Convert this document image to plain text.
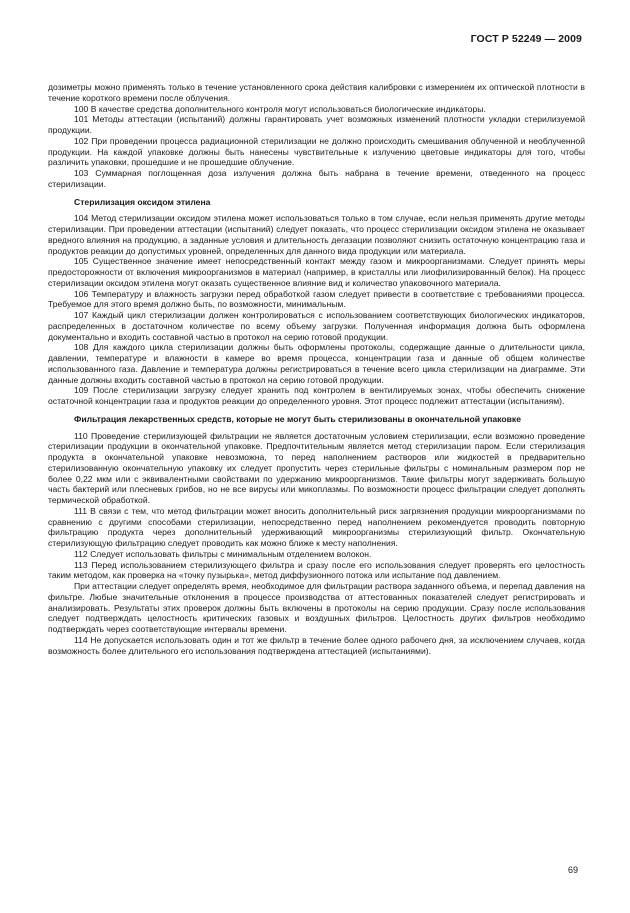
ГОСТ Р 52249 — 2009

дозиметры можно применять только в течение установленного срока действия калибровки с измерением их оптической плотности в течение короткого времени после облучения.

100 В качестве средства дополнительного контроля могут использоваться биологические индикаторы.

101 Методы аттестации (испытаний) должны гарантировать учет возможных изменений плотности укладки стерилизуемой продукции.

102 При проведении процесса радиационной стерилизации не должно происходить смешивания облученной и необлученной продукции. На каждой упаковке должны быть нанесены чувствительные к излучению цветовые индикаторы для того, чтобы различить упаковки, прошедшие и не прошедшие облучение.

103 Суммарная поглощенная доза излучения должна быть набрана в течение времени, отведенного на процесс стерилизации.

Стерилизация оксидом этилена

104 Метод стерилизации оксидом этилена может использоваться только в том случае, если нельзя применять другие методы стерилизации. При проведении аттестации (испытаний) следует показать, что процесс стерилизации оксидом этилена не оказывает вредного влияния на продукцию, а заданные условия и длительность дегазации позволяют снизить остаточную концентрацию газа и продуктов реакции до допустимых уровней, определенных для данного вида продукции или материала.

105 Существенное значение имеет непосредственный контакт между газом и микроорганизмами. Следует принять меры предосторожности от включения микроорганизмов в материал (например, в кристаллы или лиофилизированный белок). На процесс стерилизации оксидом этилена могут оказать существенное влияние вид и количество упаковочного материала.

106 Температуру и влажность загрузки перед обработкой газом следует привести в соответствие с требованиями процесса. Требуемое для этого время должно быть, по возможности, минимальным.

107 Каждый цикл стерилизации должен контролироваться с использованием соответствующих биологических индикаторов, распределенных в достаточном количестве по всему объему загрузки. Полученная информация должна быть оформлена документально и входить составной частью в протокол на серию готовой продукции.

108 Для каждого цикла стерилизации должны быть оформлены протоколы, содержащие данные о длительности цикла, давлении, температуре и влажности в камере во время процесса, концентрации газа и данные об общем количестве использованного газа. Давление и температура должны регистрироваться в течение всего цикла стерилизации на диаграмме. Эти данные должны входить составной частью в протокол на серию готовой продукции.

109 После стерилизации загрузку следует хранить под контролем в вентилируемых зонах, чтобы обеспечить снижение остаточной концентрации газа и продуктов реакции до определенного уровня. Этот процесс подлежит аттестации (испытаниям).

Фильтрация лекарственных средств, которые не могут быть стерилизованы в окончательной упаковке

110 Проведение стерилизующей фильтрации не является достаточным условием стерилизации, если возможно проведение стерилизации продукции в окончательной упаковке. Предпочтительным является метод стерилизации паром. Если стерилизация продукта в окончательной упаковке невозможна, то перед наполнением растворов или жидкостей в предварительно стерилизованную окончательную упаковку их следует пропустить через стерильные фильтры с номинальным размером пор не более 0,22 мкм или с эквивалентными свойствами по удержанию микроорганизмов. Такие фильтры могут задерживать большую часть бактерий или плесневых грибов, но не все вирусы или микоплазмы. По возможности процесс фильтрации следует дополнять термической обработкой.

111 В связи с тем, что метод фильтрации может вносить дополнительный риск загрязнения продукции микроорганизмами по сравнению с другими способами стерилизации, непосредственно перед наполнением рекомендуется проводить повторную фильтрацию продукта через дополнительный удерживающий микроорганизмы стерилизующий фильтр. Окончательную стерилизующую фильтрацию следует проводить как можно ближе к месту наполнения.

112 Следует использовать фильтры с минимальным отделением волокон.

113 Перед использованием стерилизующего фильтра и сразу после его использования следует проверять его целостность таким методом, как проверка на «точку пузырька», метод диффузионного потока или испытание под давлением.

При аттестации следует определять время, необходимое для фильтрации раствора заданного объема, и перепад давления на фильтре. Любые значительные отклонения в процессе производства от аттестованных показателей следует регистрировать и анализировать. Результаты этих проверок должны быть включены в протоколы на серию продукции. Сразу после использования следует подтверждать целостность критических газовых и воздушных фильтров. Целостность других фильтров необходимо подтверждать через соответствующие интервалы времени.

114 Не допускается использовать один и тот же фильтр в течение более одного рабочего дня, за исключением случаев, когда возможность более длительного его использования подтверждена аттестацией (испытаниями).

69
